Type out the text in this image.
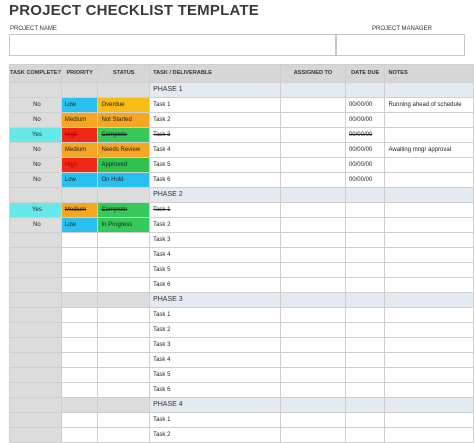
PROJECT CHECKLIST TEMPLATE
PROJECT NAME	PROJECT MANAGER
TASK COMPLETE?	PRIORITY	STATUS	TASK / DELIVERABLE	ASSIGNED TO	DATE DUE	NOTES
			PHASE 1			
No	Low	Overdue	Task 1		00/00/00	Running ahead of schedule
No	Medium	Not Started	Task 2		00/00/00	
Yes	High	Complete	Task 3		00/00/00	
No	Medium	Needs Review	Task 4		00/00/00	Awaiting mngr approval
No	High	Approved	Task 5		00/00/00	
No	Low	On Hold	Task 6		00/00/00	
			PHASE 2			
Yes	Medium	Complete	Task 1			
No	Low	In Progress	Task 2			
			Task 3			
			Task 4			
			Task 5			
			Task 6			
			PHASE 3			
			Task 1			
			Task 2			
			Task 3			
			Task 4			
			Task 5			
			Task 6			
			PHASE 4			
			Task 1			
			Task 2			
